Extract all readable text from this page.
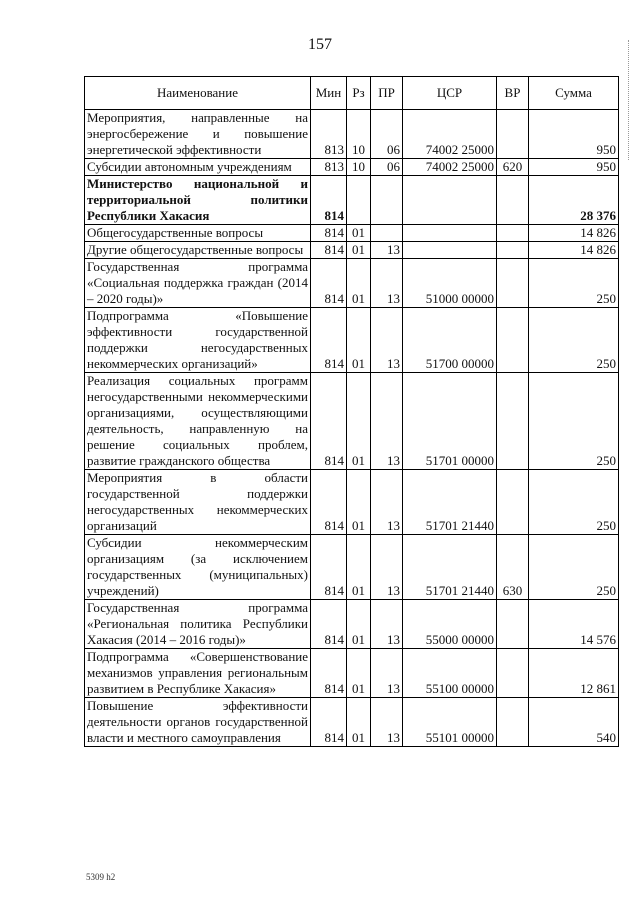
157
Наименование	Мин	Рз	ПР	ЦСР	ВР	Сумма
Мероприятия, направленные на энергосбережение и повышение энергетической эффективности	813	10	06	74002 25000		950
Субсидии автономным учреждениям	813	10	06	74002 25000	620	950
Министерство национальной и территориальной политики Республики Хакасия	814					28 376
Общегосударственные вопросы	814	01				14 826
Другие общегосударственные вопросы	814	01	13			14 826
Государственная программа «Социальная поддержка граждан (2014 – 2020 годы)»	814	01	13	51000 00000		250
Подпрограмма «Повышение эффективности государственной поддержки негосударственных некоммерческих организаций»	814	01	13	51700 00000		250
Реализация социальных программ негосударственными некоммерческими организациями, осуществляющими деятельность, направленную на решение социальных проблем, развитие гражданского общества	814	01	13	51701 00000		250
Мероприятия в области государственной поддержки негосударственных некоммерческих организаций	814	01	13	51701 21440		250
Субсидии некоммерческим организациям (за исключением государственных (муниципальных) учреждений)	814	01	13	51701 21440	630	250
Государственная программа «Региональная политика Республики Хакасия (2014 – 2016 годы)»	814	01	13	55000 00000		14 576
Подпрограмма «Совершенствование механизмов управления региональным развитием в Республике Хакасия»	814	01	13	55100 00000		12 861
Повышение эффективности деятельности органов государственной власти и местного самоуправления	814	01	13	55101 00000		540
5309 h2
